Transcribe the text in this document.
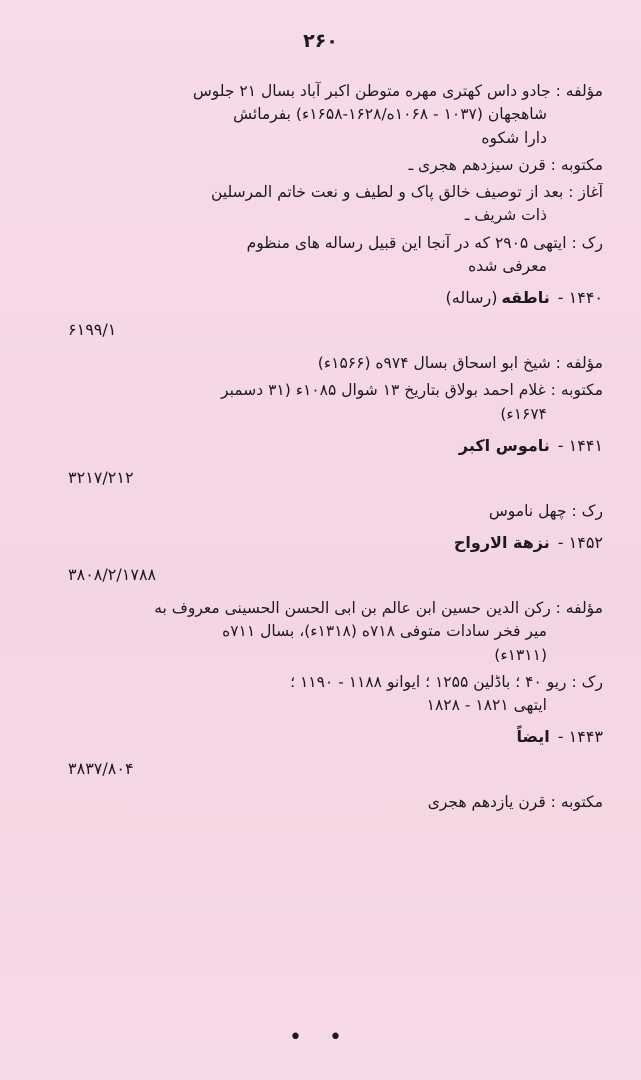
۲۶۰
مؤلفه : جادو داس کهتری مهره متوطن اکبر آباد بسال ۲۱ جلوس
شاهجهان (۱۰۳۷ - ۱۰۶۸ه/۱۶۲۸-۱۶۵۸ء) بفرمائش
دارا شکوه
مکتوبه : قرن سیزدهم هجری ـ
آغاز : بعد از توصیف خالق پاک و لطیف و نعت خاتم المرسلین
ذات شریف ـ
رک : ایتهی ۲۹۰۵ که در آنجا این قبیل رساله های منظوم
معرفی شده
۱۴۴۰ -ناطقه(رساله)
۶۱۹۹/۱
مؤلفه : شیخ ابو اسحاق بسال ۹۷۴ه (۱۵۶۶ء)
مکتوبه : غلام احمد بولاق بتاریخ ۱۳ شوال ۱۰۸۵ء (۳۱ دسمبر
۱۶۷۴ء)
۱۴۴۱ -ناموس اکبر
۳۲۱۷/۲۱۲
رک : چهل ناموس
۱۴۵۲ -نزهة الارواح
۳۸۰۸/۲/۱۷۸۸
مؤلفه : رکن الدین حسین ابن عالم بن ابی الحسن الحسینی معروف به
میر فخر سادات متوفی ۷۱۸ه (۱۳۱۸ء)، بسال ۷۱۱ه
(۱۳۱۱ء)
رک : ریو ۴۰ ؛ باڈلین ۱۲۵۵ ؛ ایوانو ۱۱۸۸ - ۱۱۹۰ ؛
ایتهی ۱۸۲۱ - ۱۸۲۸
۱۴۴۳ -ایضاً
۳۸۳۷/۸۰۴
مکتوبه : قرن یازدهم هجری
• •
